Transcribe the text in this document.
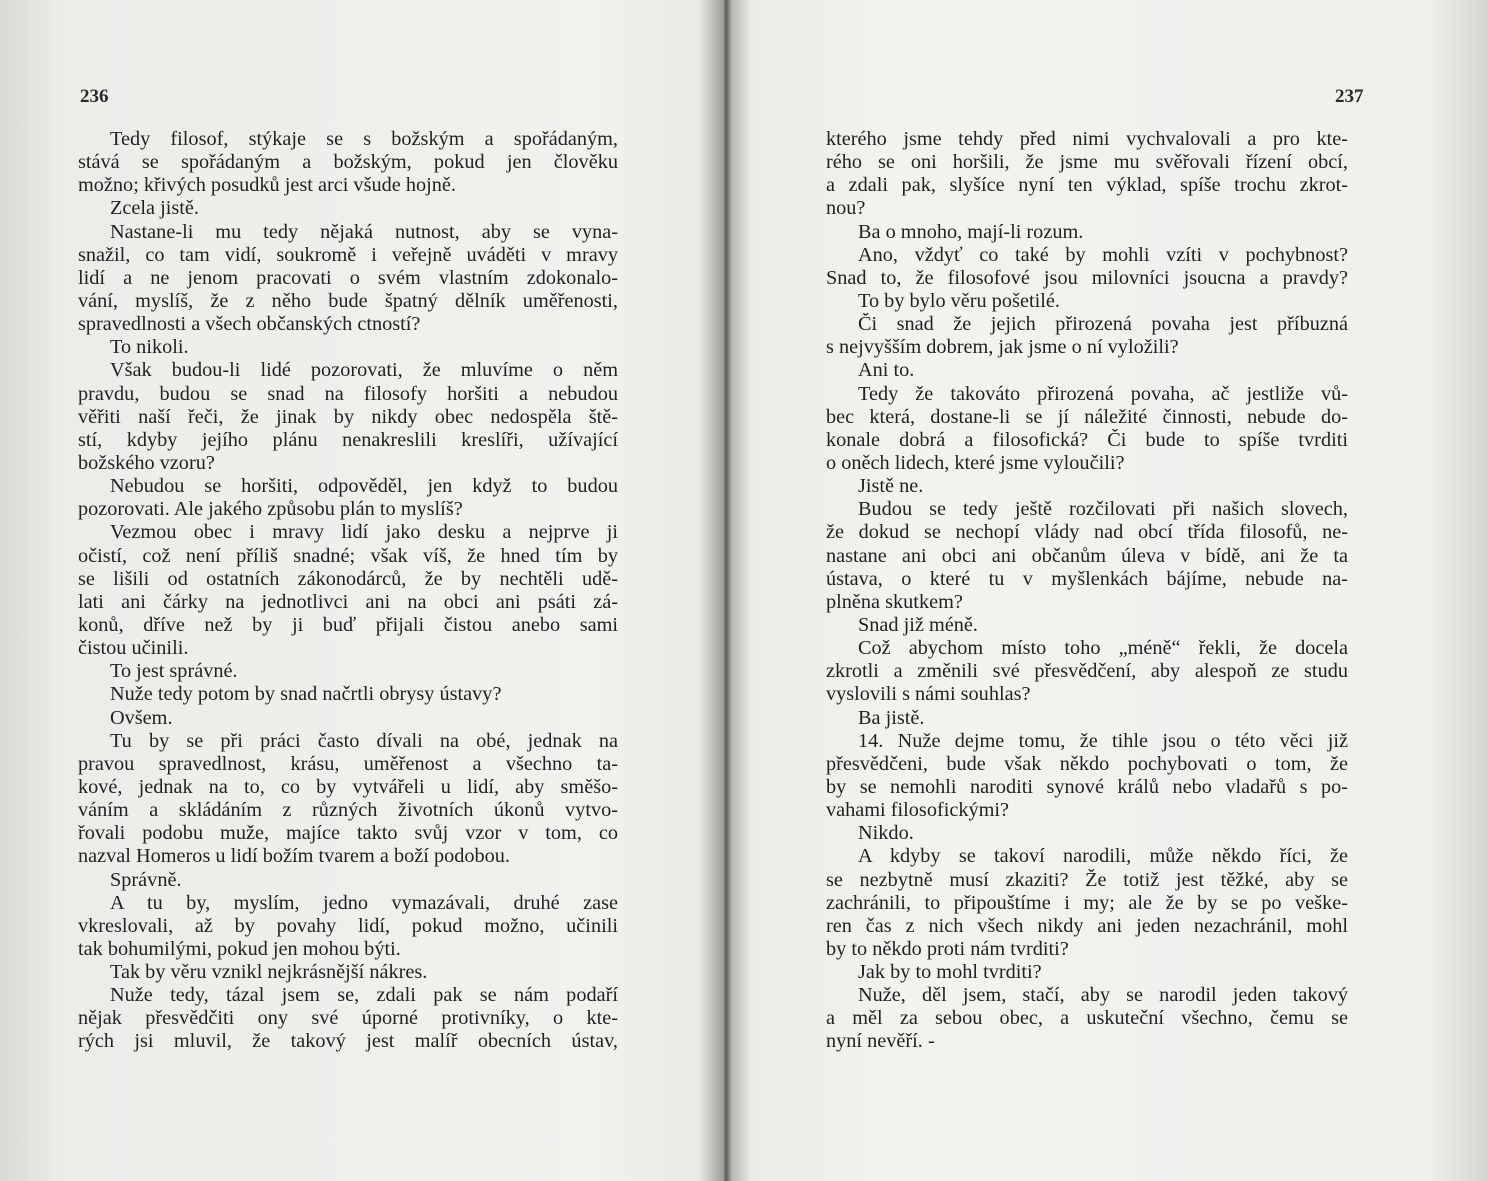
236
Tedy filosof, stýkaje se s božským a spořádaným,
stává se spořádaným a božským, pokud jen člověku
možno; křivých posudků jest arci všude hojně.
Zcela jistě.
Nastane-li mu tedy nějaká nutnost, aby se vyna-
snažil, co tam vidí, soukromě i veřejně uváděti v mravy
lidí a ne jenom pracovati o svém vlastním zdokonalo-
vání, myslíš, že z něho bude špatný dělník uměřenosti,
spravedlnosti a všech občanských ctností?
To nikoli.
Však budou-li lidé pozorovati, že mluvíme o něm
pravdu, budou se snad na filosofy horšiti a nebudou
věřiti naší řeči, že jinak by nikdy obec nedospěla ště-
stí, kdyby jejího plánu nenakreslili kreslíři, užívající
božského vzoru?
Nebudou se horšiti, odpověděl, jen když to budou
pozorovati. Ale jakého způsobu plán to myslíš?
Vezmou obec i mravy lidí jako desku a nejprve ji
očistí, což není příliš snadné; však víš, že hned tím by
se lišili od ostatních zákonodárců, že by nechtěli udě-
lati ani čárky na jednotlivci ani na obci ani psáti zá-
konů, dříve než by ji buď přijali čistou anebo sami
čistou učinili.
To jest správné.
Nuže tedy potom by snad načrtli obrysy ústavy?
Ovšem.
Tu by se při práci často dívali na obé, jednak na
pravou spravedlnost, krásu, uměřenost a všechno ta-
kové, jednak na to, co by vytvářeli u lidí, aby směšo-
váním a skládáním z různých životních úkonů vytvo-
řovali podobu muže, majíce takto svůj vzor v tom, co
nazval Homeros u lidí božím tvarem a boží podobou.
Správně.
A tu by, myslím, jedno vymazávali, druhé zase
vkreslovali, až by povahy lidí, pokud možno, učinili
tak bohumilými, pokud jen mohou býti.
Tak by věru vznikl nejkrásnější nákres.
Nuže tedy, tázal jsem se, zdali pak se nám podaří
nějak přesvědčiti ony své úporné protivníky, o kte-
rých jsi mluvil, že takový jest malíř obecních ústav,
237
kterého jsme tehdy před nimi vychvalovali a pro kte-
rého se oni horšili, že jsme mu svěřovali řízení obcí,
a zdali pak, slyšíce nyní ten výklad, spíše trochu zkrot-
nou?
Ba o mnoho, mají-li rozum.
Ano, vždyť co také by mohli vzíti v pochybnost?
Snad to, že filosofové jsou milovníci jsoucna a pravdy?
To by bylo věru pošetilé.
Či snad že jejich přirozená povaha jest příbuzná
s nejvyšším dobrem, jak jsme o ní vyložili?
Ani to.
Tedy že takováto přirozená povaha, ač jestliže vů-
bec která, dostane-li se jí náležité činnosti, nebude do-
konale dobrá a filosofická? Či bude to spíše tvrditi
o oněch lidech, které jsme vyloučili?
Jistě ne.
Budou se tedy ještě rozčilovati při našich slovech,
že dokud se nechopí vlády nad obcí třída filosofů, ne-
nastane ani obci ani občanům úleva v bídě, ani že ta
ústava, o které tu v myšlenkách bájíme, nebude na-
plněna skutkem?
Snad již méně.
Což abychom místo toho „méně“ řekli, že docela
zkrotli a změnili své přesvědčení, aby alespoň ze studu
vyslovili s námi souhlas?
Ba jistě.
14. Nuže dejme tomu, že tihle jsou o této věci již
přesvědčeni, bude však někdo pochybovati o tom, že
by se nemohli naroditi synové králů nebo vladařů s po-
vahami filosofickými?
Nikdo.
A kdyby se takoví narodili, může někdo říci, že
se nezbytně musí zkaziti? Že totiž jest těžké, aby se
zachránili, to připouštíme i my; ale že by se po veške-
ren čas z nich všech nikdy ani jeden nezachránil, mohl
by to někdo proti nám tvrditi?
Jak by to mohl tvrditi?
Nuže, děl jsem, stačí, aby se narodil jeden takový
a měl za sebou obec, a uskuteční všechno, čemu se
nyní nevěří. -
